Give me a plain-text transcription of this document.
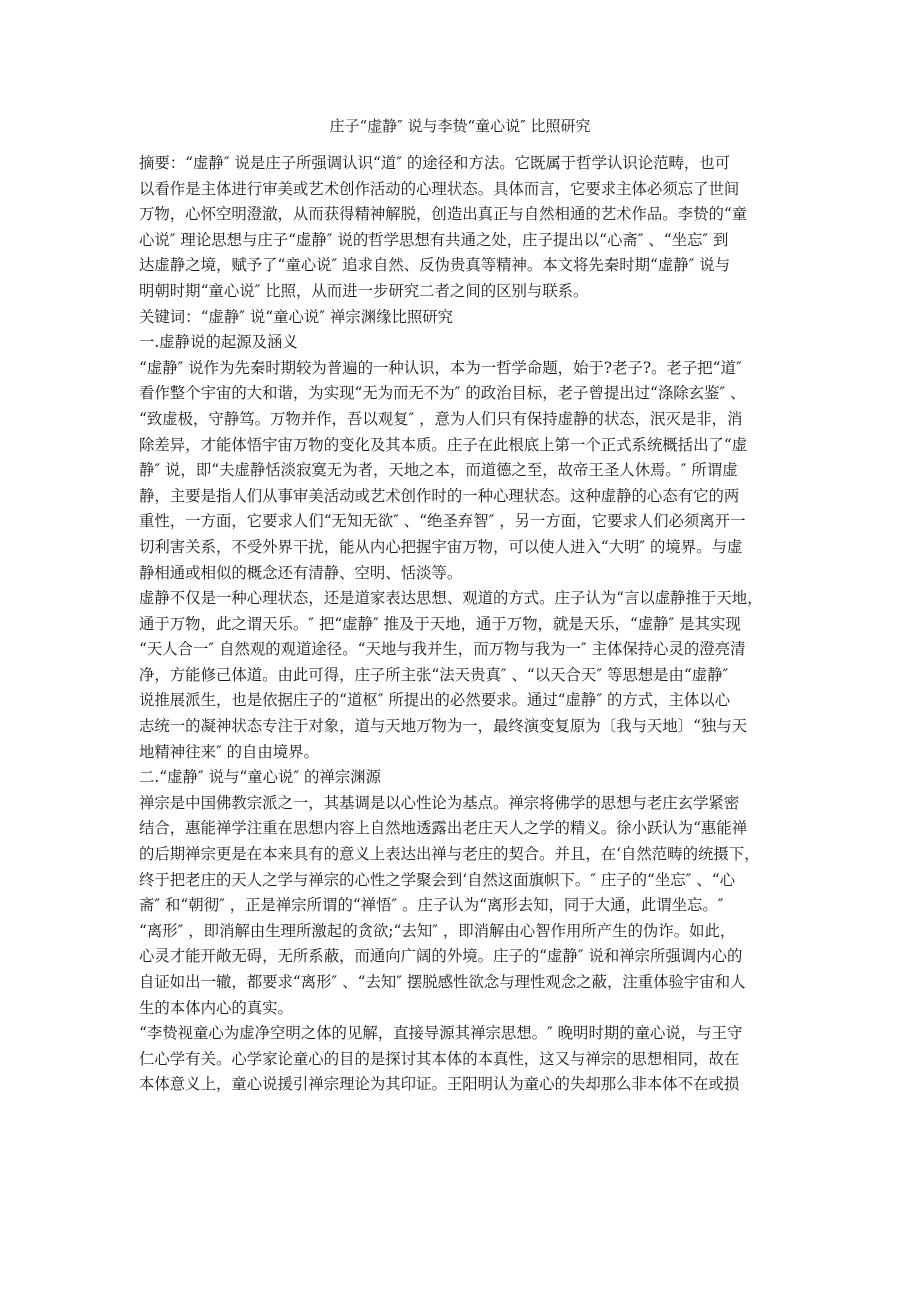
庄子“虚静″ 说与李贽“童心说″ 比照研究

摘要：“虚静″ 说是庄子所强调认识“道″ 的途径和方法。它既属于哲学认识论范畴，也可

以看作是主体进行审美或艺术创作活动的心理状态。具体而言，它要求主体必须忘了世间

万物，心怀空明澄澈，从而获得精神解脱，创造出真正与自然相通的艺术作品。李贽的“童

心说″ 理论思想与庄子“虚静″ 说的哲学思想有共通之处，庄子提出以“心斋″ 、“坐忘″ 到

达虚静之境，赋予了“童心说″ 追求自然、反伪贵真等精神。本文将先秦时期“虚静″ 说与

明朝时期“童心说″ 比照，从而进一步研究二者之间的区别与联系。

关键词：“虚静″ 说“童心说″ 禅宗渊缘比照研究

一.虚静说的起源及涵义

“虚静″ 说作为先秦时期较为普遍的一种认识，本为一哲学命题，始于?老子?。老子把“道″

看作整个宇宙的大和谐，为实现“无为而无不为″ 的政治目标，老子曾提出过“涤除玄鉴″ 、

“致虚极，守静笃。万物并作，吾以观复″ ，意为人们只有保持虚静的状态，泯灭是非，消

除差异，才能体悟宇宙万物的变化及其本质。庄子在此根底上第一个正式系统概括出了“虚

静″ 说，即“夫虚静恬淡寂寞无为者，天地之本，而道德之至，故帝王圣人休焉。″ 所谓虚

静，主要是指人们从事审美活动或艺术创作时的一种心理状态。这种虚静的心态有它的两

重性，一方面，它要求人们“无知无欲″ 、“绝圣弃智″ ，另一方面，它要求人们必须离开一

切利害关系，不受外界干扰，能从内心把握宇宙万物，可以使人进入“大明″ 的境界。与虚

静相通或相似的概念还有清静、空明、恬淡等。

虚静不仅是一种心理状态，还是道家表达思想、观道的方式。庄子认为“言以虚静推于天地，

通于万物，此之谓天乐。″ 把“虚静″ 推及于天地，通于万物，就是天乐，“虚静″ 是其实现

“天人合一″ 自然观的观道途径。“天地与我并生，而万物与我为一″ 主体保持心灵的澄亮清

净，方能修己体道。由此可得，庄子所主张“法天贵真″ 、“以天合天″ 等思想是由“虚静″

说推展派生，也是依据庄子的“道枢″ 所提出的必然要求。通过“虚静″ 的方式，主体以心

志统一的凝神状态专注于对象，道与天地万物为一，最终演变复原为〔我与天地〕“独与天

地精神往来″ 的自由境界。

二.“虚静″ 说与“童心说″ 的禅宗渊源

禅宗是中国佛教宗派之一，其基调是以心性论为基点。禅宗将佛学的思想与老庄玄学紧密

结合，惠能禅学注重在思想内容上自然地透露出老庄天人之学的精义。徐小跃认为“惠能禅

的后期禅宗更是在本来具有的意义上表达出禅与老庄的契合。并且，在‘自然范畴的统摄下，

终于把老庄的天人之学与禅宗的心性之学聚会到‘自然这面旗帜下。″ 庄子的“坐忘″ 、“心

斋″ 和“朝彻″ ，正是禅宗所谓的“禅悟″ 。庄子认为“离形去知，同于大通，此谓坐忘。″

“离形″ ，即消解由生理所激起的贪欲;“去知″ ，即消解由心智作用所产生的伪诈。如此，

心灵才能开敞无碍，无所系蔽，而通向广阔的外境。庄子的“虚静″ 说和禅宗所强调内心的

自证如出一辙，都要求“离形″ 、“去知″ 摆脱感性欲念与理性观念之蔽，注重体验宇宙和人

生的本体内心的真实。

“李贽视童心为虚净空明之体的见解，直接导源其禅宗思想。″ 晚明时期的童心说，与王守

仁心学有关。心学家论童心的目的是探讨其本体的本真性，这又与禅宗的思想相同，故在

本体意义上，童心说援引禅宗理论为其印证。王阳明认为童心的失却那么非本体不在或损
